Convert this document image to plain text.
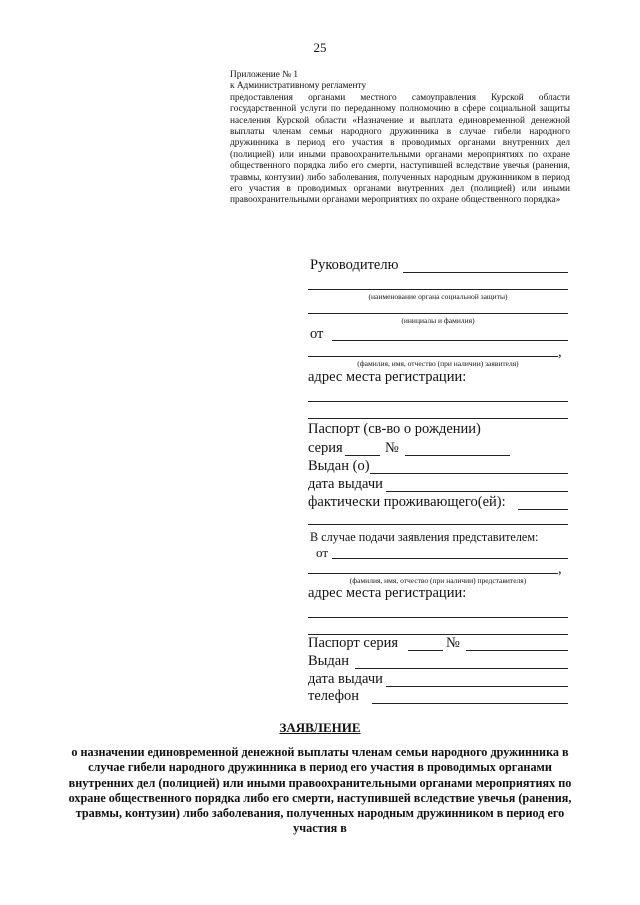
25
Приложение № 1
к Административному регламенту
предоставления органами местного самоуправления Курской области государственной услуги по переданному полномочию в сфере социальной защиты населения Курской области «Назначение и выплата единовременной денежной выплаты членам семьи народного дружинника в случае гибели народного дружинника в период его участия в проводимых органами внутренних дел (полицией) или иными правоохранительными органами мероприятиях по охране общественного порядка либо его смерти, наступившей вследствие увечья (ранения, травмы, контузии) либо заболевания, полученных народным дружинником в период его участия в проводимых органами внутренних дел (полицией) или иными правоохранительными органами мероприятиях по охране общественного порядка»
Руководителю
(наименование органа социальной защиты)
(инициалы и фамилия)
от
,
(фамилия, имя, отчество (при наличии) заявителя)
адрес места регистрации:
Паспорт (св-во о рождении)
серия	№
Выдан (о)
дата выдачи
фактически проживающего(ей):
В случае подачи заявления представителем:
от
,
(фамилия, имя, отчество (при наличии) представителя)
адрес места регистрации:
Паспорт серия	№
Выдан
дата выдачи
телефон
ЗАЯВЛЕНИЕ
о назначении единовременной денежной выплаты членам семьи народного дружинника в случае гибели народного дружинника в период его участия в проводимых органами внутренних дел (полицией) или иными правоохранительными органами мероприятиях по охране общественного порядка либо его смерти, наступившей вследствие увечья (ранения, травмы, контузии) либо заболевания, полученных народным дружинником в период его участия в
